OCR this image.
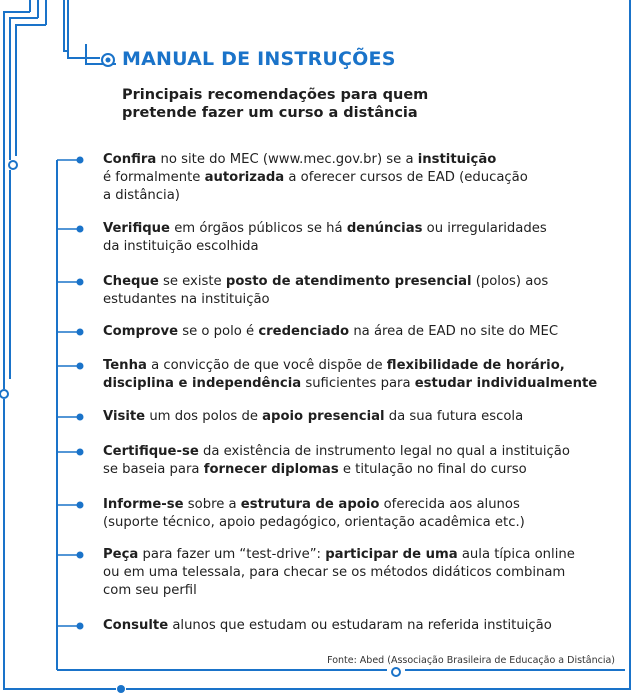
MANUAL DE INSTRUÇÕES
Principais recomendações para quem
pretende fazer um curso a distância
Confira no site do MEC (www.mec.gov.br) se a instituição
é formalmente autorizada a oferecer cursos de EAD (educação
a distância)
Verifique em órgãos públicos se há denúncias ou irregularidades
da instituição escolhida
Cheque se existe posto de atendimento presencial (polos) aos
estudantes na instituição
Comprove se o polo é credenciado na área de EAD no site do MEC
Tenha a convicção de que você dispõe de flexibilidade de horário,
disciplina e independência suficientes para estudar individualmente
Visite um dos polos de apoio presencial da sua futura escola
Certifique-se da existência de instrumento legal no qual a instituição
se baseia para fornecer diplomas e titulação no final do curso
Informe-se sobre a estrutura de apoio oferecida aos alunos
(suporte técnico, apoio pedagógico, orientação acadêmica etc.)
Peça para fazer um “test-drive”: participar de uma aula típica online
ou em uma telessala, para checar se os métodos didáticos combinam
com seu perfil
Consulte alunos que estudam ou estudaram na referida instituição
Fonte: Abed (Associação Brasileira de Educação a Distância)
